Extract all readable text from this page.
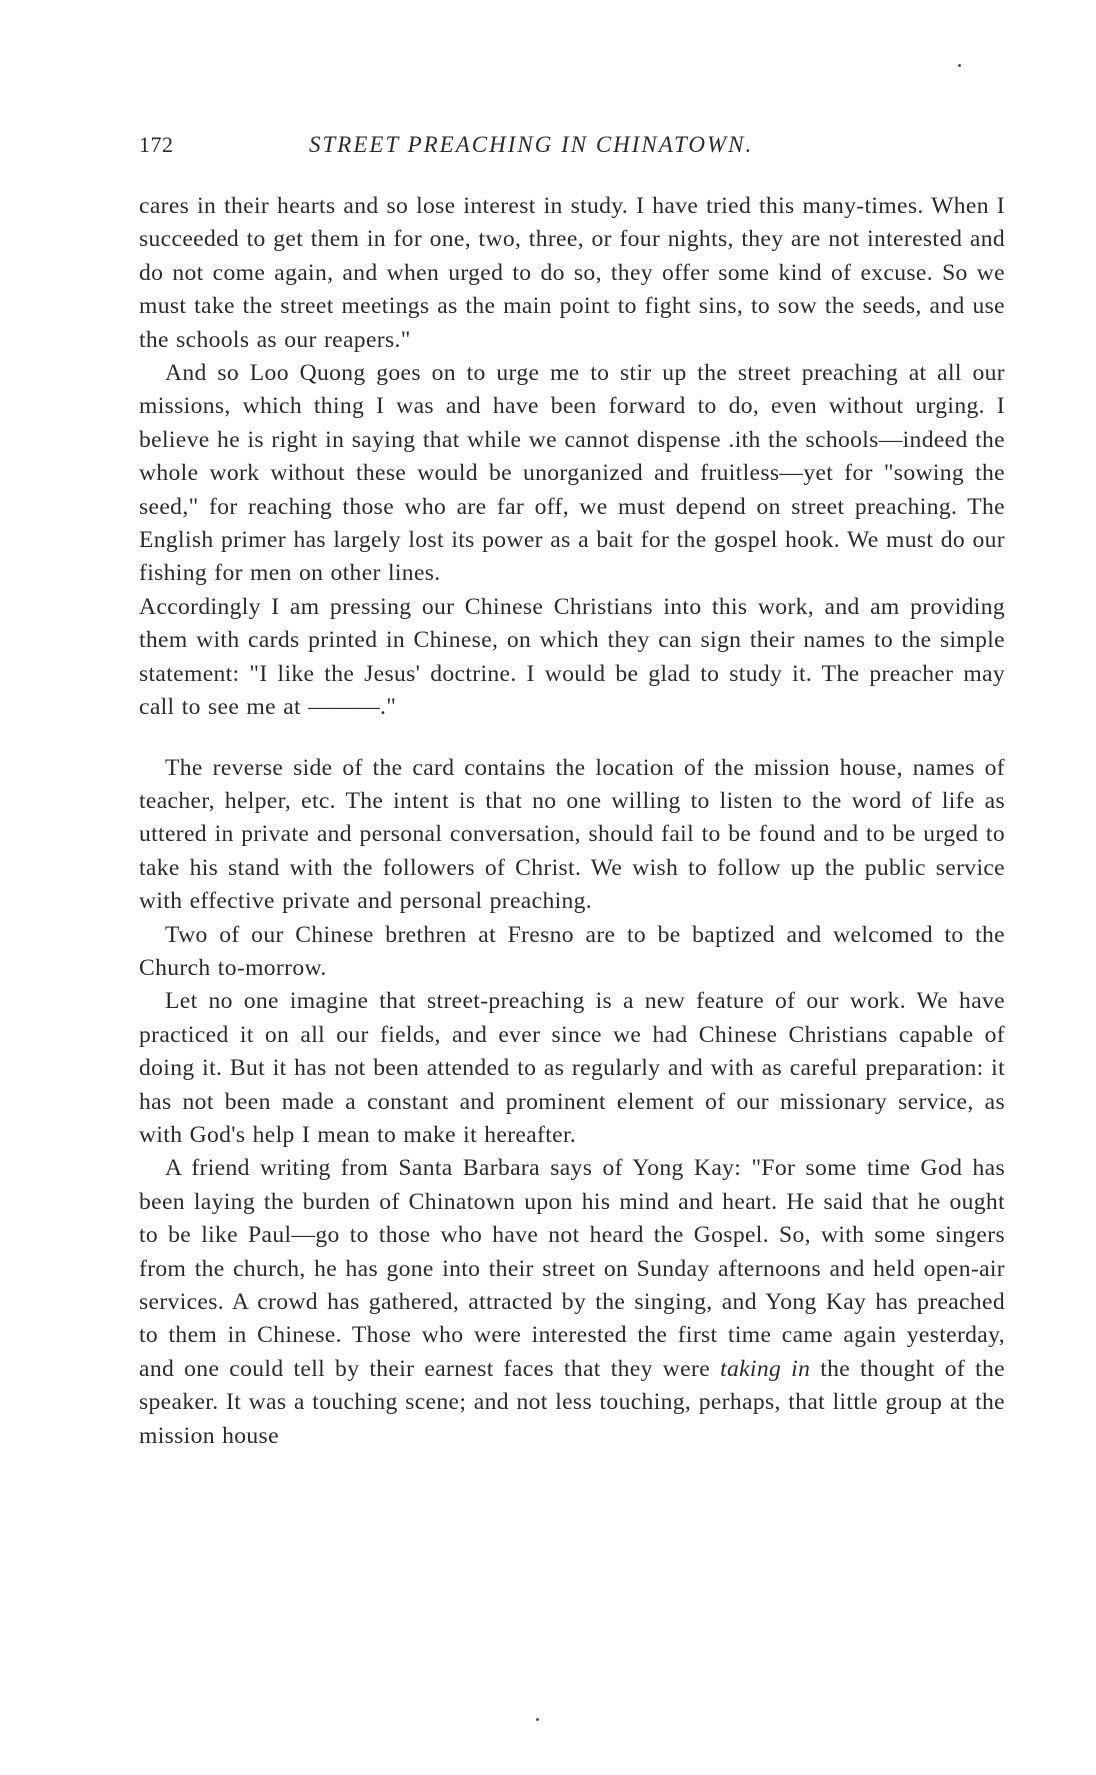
172	STREET PREACHING IN CHINATOWN.

cares in their hearts and so lose interest in study. I have tried this many-times. When I succeeded to get them in for one, two, three, or four nights, they are not interested and do not come again, and when urged to do so, they offer some kind of excuse. So we must take the street meetings as the main point to fight sins, to sow the seeds, and use the schools as our reapers."

And so Loo Quong goes on to urge me to stir up the street preaching at all our missions, which thing I was and have been forward to do, even without urging. I believe he is right in saying that while we cannot dispense .ith the schools—indeed the whole work without these would be unorganized and fruitless—yet for "sowing the seed," for reaching those who are far off, we must depend on street preaching. The English primer has largely lost its power as a bait for the gospel hook. We must do our fishing for men on other lines.

Accordingly I am pressing our Chinese Christians into this work, and am providing them with cards printed in Chinese, on which they can sign their names to the simple statement: "I like the Jesus' doctrine. I would be glad to study it. The preacher may call to see me at ———."

The reverse side of the card contains the location of the mission house, names of teacher, helper, etc. The intent is that no one willing to listen to the word of life as uttered in private and personal conversation, should fail to be found and to be urged to take his stand with the followers of Christ. We wish to follow up the public service with effective private and personal preaching.

Two of our Chinese brethren at Fresno are to be baptized and welcomed to the Church to-morrow.

Let no one imagine that street-preaching is a new feature of our work. We have practiced it on all our fields, and ever since we had Chinese Christians capable of doing it. But it has not been attended to as regularly and with as careful preparation: it has not been made a constant and prominent element of our missionary service, as with God's help I mean to make it hereafter.

A friend writing from Santa Barbara says of Yong Kay: "For some time God has been laying the burden of Chinatown upon his mind and heart. He said that he ought to be like Paul—go to those who have not heard the Gospel. So, with some singers from the church, he has gone into their street on Sunday afternoons and held open-air services. A crowd has gathered, attracted by the singing, and Yong Kay has preached to them in Chinese. Those who were interested the first time came again yesterday, and one could tell by their earnest faces that they were taking in the thought of the speaker. It was a touching scene; and not less touching, perhaps, that little group at the mission house
